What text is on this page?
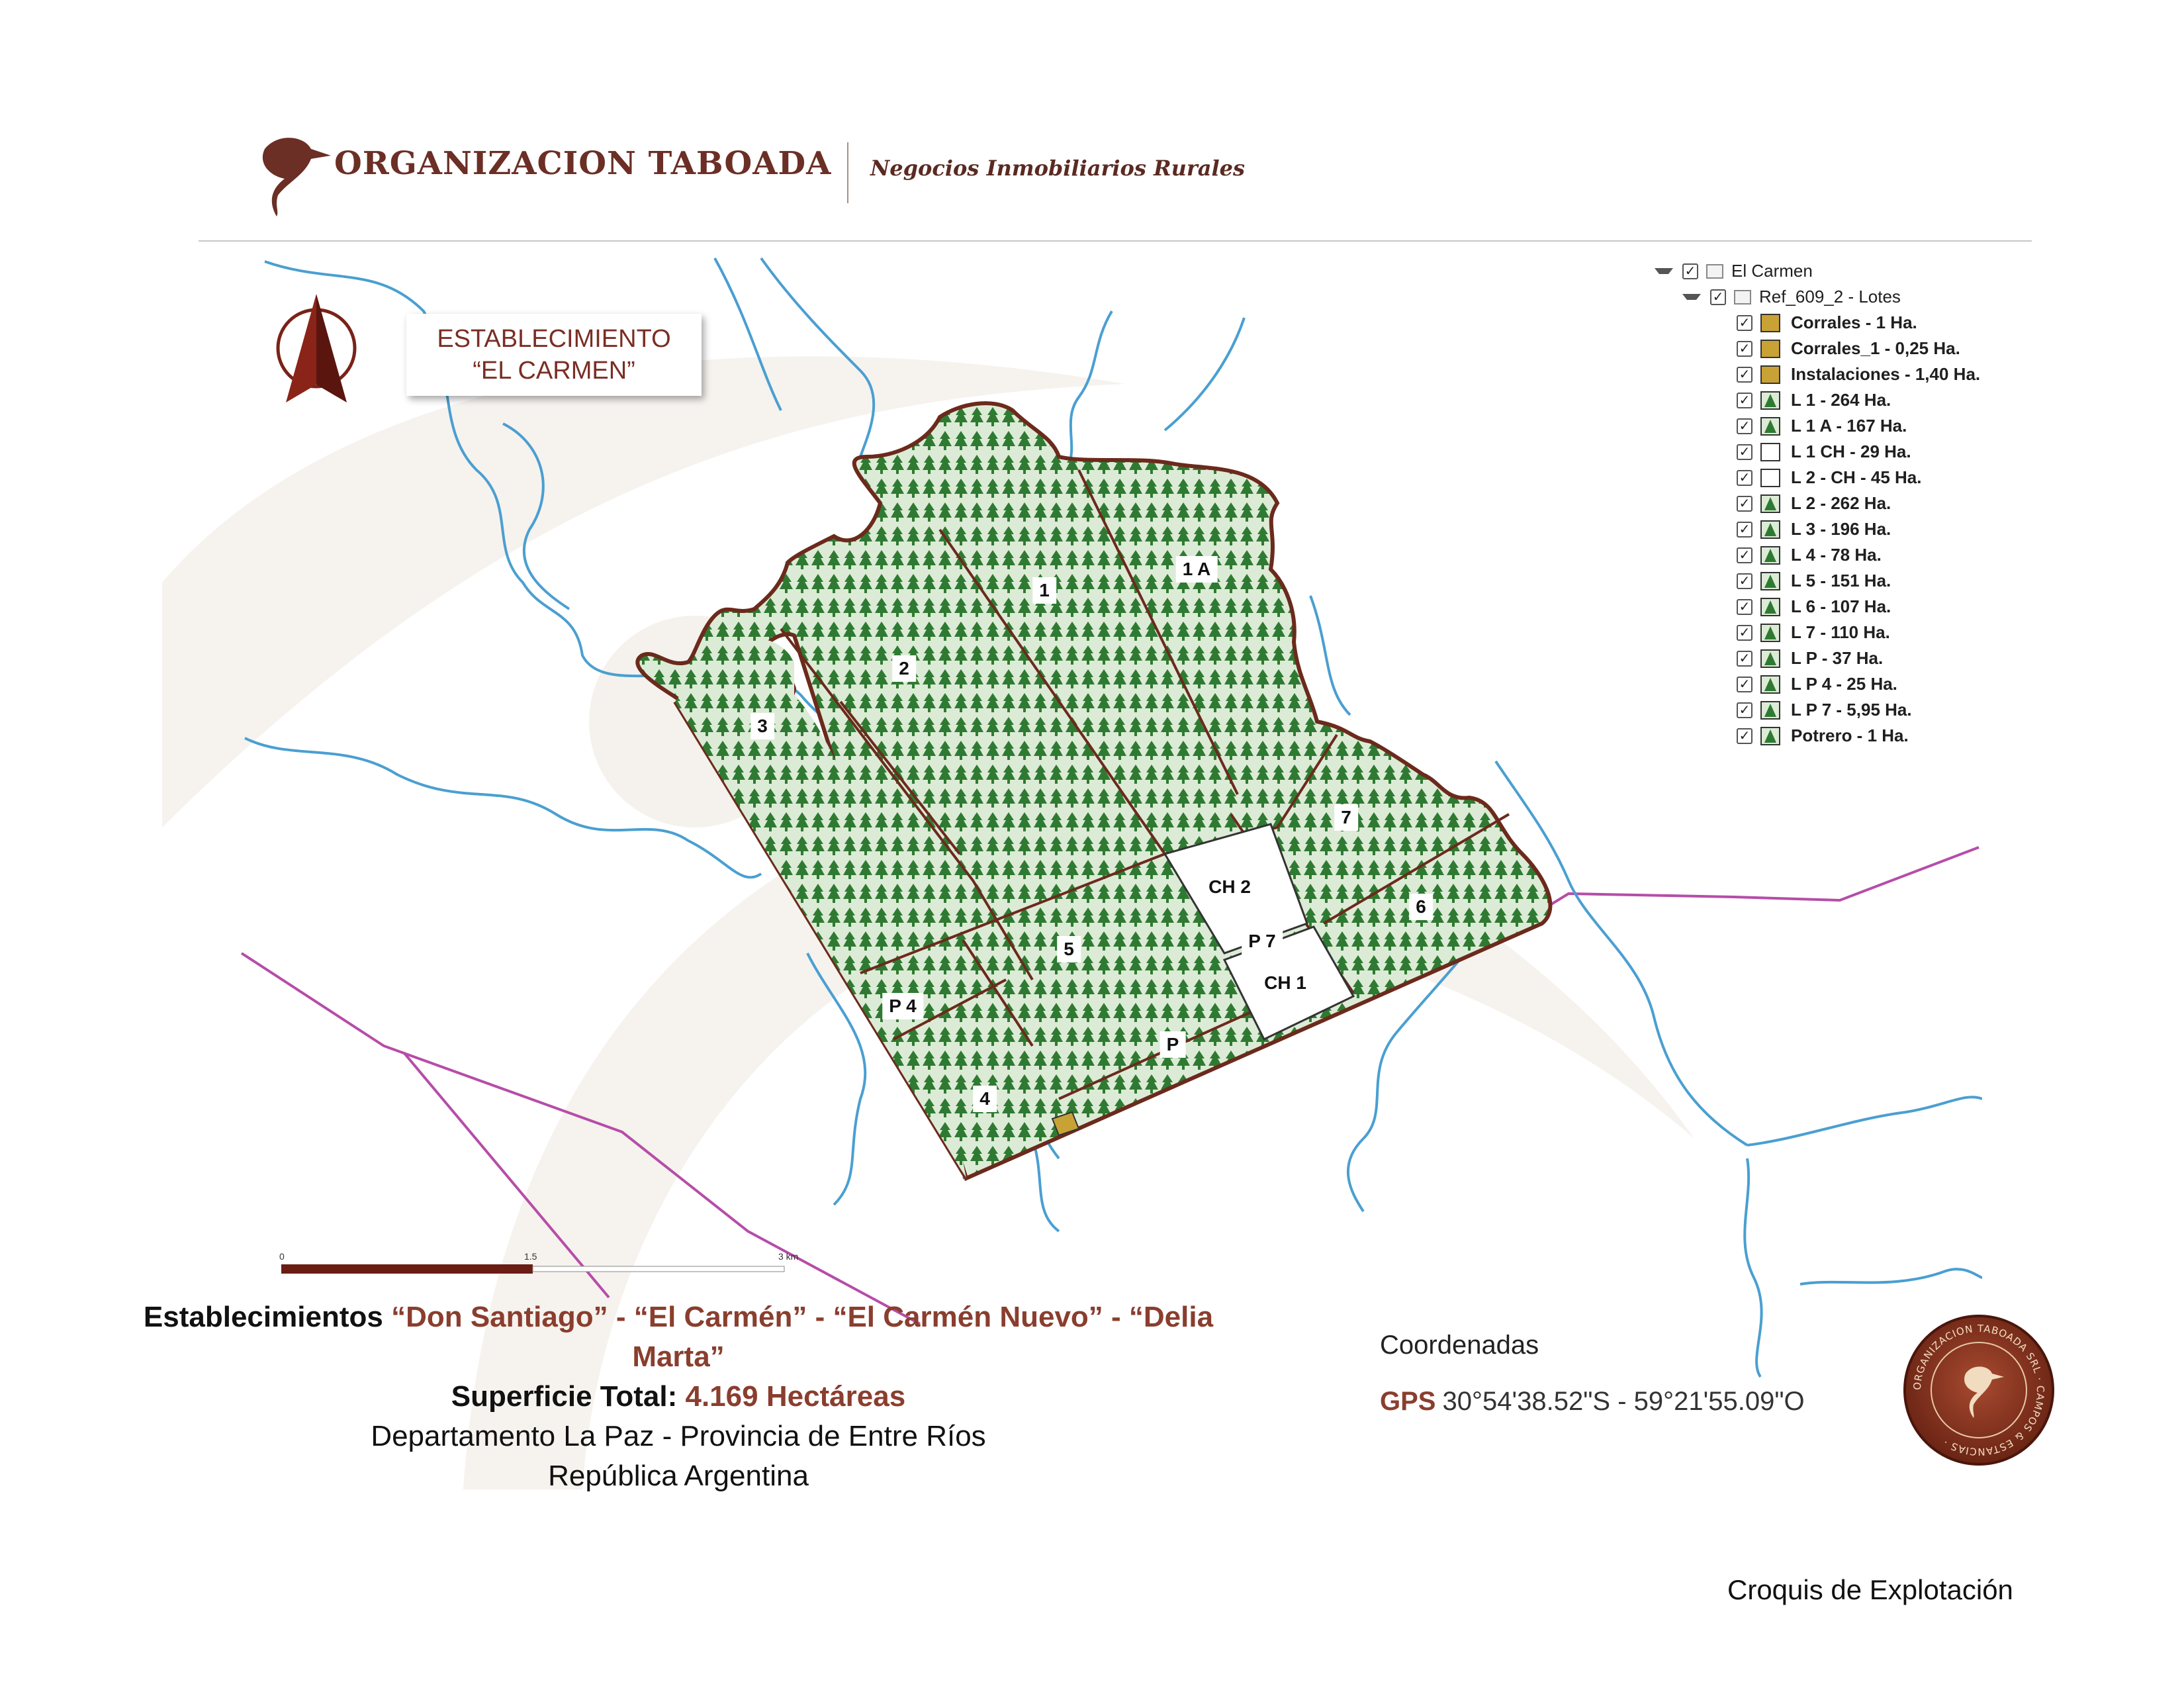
ORGANIZACION TABOADA Negocios Inmobiliarios Rurales
ESTABLECIMIENTO
“EL CARMEN”
1
1 A
2
3
7
CH 2
6
P 7
5
CH 1
P 4
P
4
0	1.5	3 km
✓ El Carmen
✓ Ref_609_2 - Lotes
✓ Corrales - 1 Ha.
✓ Corrales_1 - 0,25 Ha.
✓ Instalaciones - 1,40 Ha.
✓ L 1 - 264 Ha.
✓ L 1 A - 167 Ha.
✓ L 1 CH - 29 Ha.
✓ L 2 - CH - 45 Ha.
✓ L 2 - 262 Ha.
✓ L 3 - 196 Ha.
✓ L 4 - 78 Ha.
✓ L 5 - 151 Ha.
✓ L 6 - 107 Ha.
✓ L 7 - 110 Ha.
✓ L P - 37 Ha.
✓ L P 4 - 25 Ha.
✓ L P 7 - 5,95 Ha.
✓ Potrero - 1 Ha.
Establecimientos “Don Santiago” - “El Carmén” - “El Carmén Nuevo” - “Delia Marta”
Superficie Total: 4.169 Hectáreas
Departamento La Paz - Provincia de Entre Ríos
República Argentina
Coordenadas
GPS 30°54'38.52"S - 59°21'55.09"O
ORGANIZACION TABOADA SRL · CAMPOS & ESTANCIAS ·
Croquis de Explotación
